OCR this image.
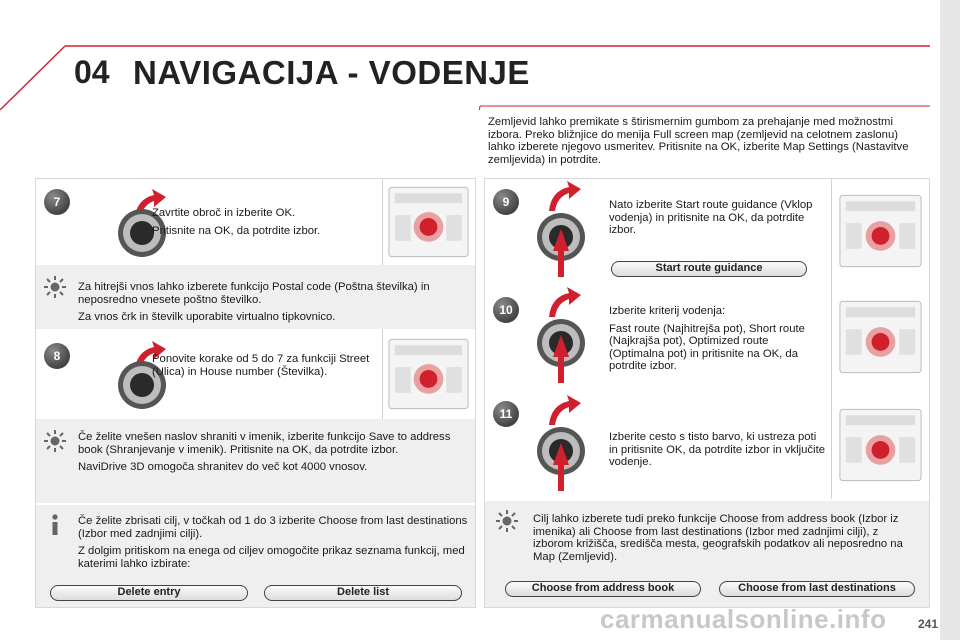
04 NAVIGACIJA - VODENJE

Zemljevid lahko premikate s štirismernim gumbom za prehajanje med možnostmi izbora. Preko bližnjice do menija Full screen map (zemljevid na celotnem zaslonu) lahko izberete njegovo usmeritev. Pritisnite na OK, izberite Map Settings (Nastavitve zemljevida) in potrdite.

7

Zavrtite obroč in izberite OK.

Pritisnite na OK, da potrdite izbor.

Za hitrejši vnos lahko izberete funkcijo Postal code (Poštna številka) in neposredno vnesete poštno številko.

Za vnos črk in številk uporabite virtualno tipkovnico.

8	Ponovite korake od 5 do 7 za funkciji Street (Ulica) in House number (Številka).

Če želite vnešen naslov shraniti v imenik, izberite funkcijo Save to address book (Shranjevanje v imenik). Pritisnite na OK, da potrdite izbor.

NaviDrive 3D omogoča shranitev do več kot 4000 vnosov.

Če želite zbrisati cilj, v točkah od 1 do 3 izberite Choose from last destinations (Izbor med zadnjimi cilji).

Z dolgim pritiskom na enega od ciljev omogočite prikaz seznama funkcij, med katerimi lahko izbirate:

Delete entry	Delete list
9	Nato izberite Start route guidance (Vklop vodenja) in pritisnite na OK, da potrdite izbor.

Start route guidance
10	Izberite kriterij vodenja:

Fast route (Najhitrejša pot), Short route (Najkrajša pot), Optimized route (Optimalna pot) in pritisnite na OK, da potrdite izbor.

11

Izberite cesto s tisto barvo, ki ustreza poti in pritisnite OK, da potrdite izbor in vključite vodenje.

Cilj lahko izberete tudi preko funkcije Choose from address book (Izbor iz imenika) ali Choose from last destinations (Izbor med zadnjimi cilji), z izborom križišča, središča mesta, geografskih podatkov ali neposredno na Map (Zemljevid).

Choose from address book	Choose from last destinations
carmanualsonline.info	241
